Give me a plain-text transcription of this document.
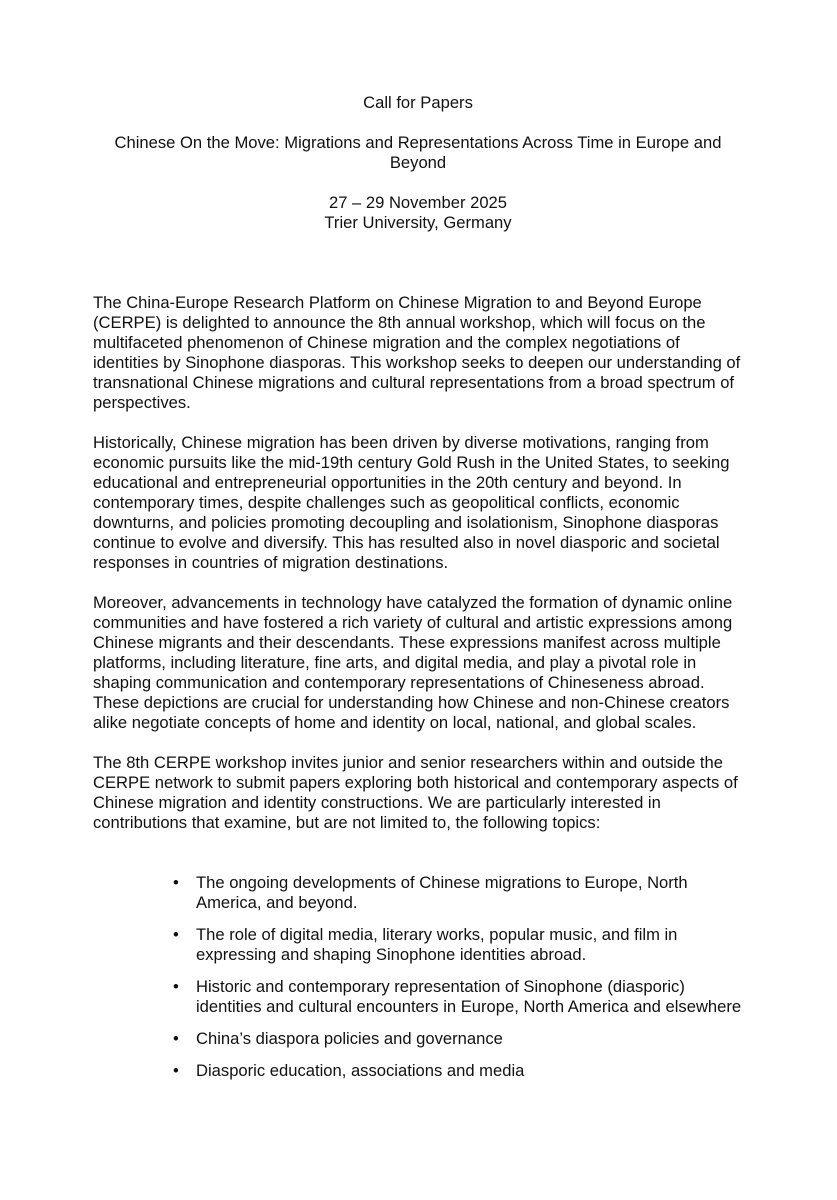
Call for Papers
Chinese On the Move: Migrations and Representations Across Time in Europe and
Beyond
27 – 29 November 2025
Trier University, Germany

The China-Europe Research Platform on Chinese Migration to and Beyond Europe (CERPE) is delighted to announce the 8th annual workshop, which will focus on the multifaceted phenomenon of Chinese migration and the complex negotiations of identities by Sinophone diasporas. This workshop seeks to deepen our understanding of transnational Chinese migrations and cultural representations from a broad spectrum of perspectives.

Historically, Chinese migration has been driven by diverse motivations, ranging from economic pursuits like the mid-19th century Gold Rush in the United States, to seeking educational and entrepreneurial opportunities in the 20th century and beyond. In contemporary times, despite challenges such as geopolitical conflicts, economic downturns, and policies promoting decoupling and isolationism, Sinophone diasporas continue to evolve and diversify. This has resulted also in novel diasporic and societal responses in countries of migration destinations.

Moreover, advancements in technology have catalyzed the formation of dynamic online communities and have fostered a rich variety of cultural and artistic expressions among Chinese migrants and their descendants. These expressions manifest across multiple platforms, including literature, fine arts, and digital media, and play a pivotal role in shaping communication and contemporary representations of Chineseness abroad. These depictions are crucial for understanding how Chinese and non-Chinese creators alike negotiate concepts of home and identity on local, national, and global scales.

The 8th CERPE workshop invites junior and senior researchers within and outside the CERPE network to submit papers exploring both historical and contemporary aspects of Chinese migration and identity constructions. We are particularly interested in contributions that examine, but are not limited to, the following topics:

•	The ongoing developments of Chinese migrations to Europe, North America, and beyond.
•	The role of digital media, literary works, popular music, and film in expressing and shaping Sinophone identities abroad.
•	Historic and contemporary representation of Sinophone (diasporic) identities and cultural encounters in Europe, North America and elsewhere
•	China’s diaspora policies and governance
•	Diasporic education, associations and media
